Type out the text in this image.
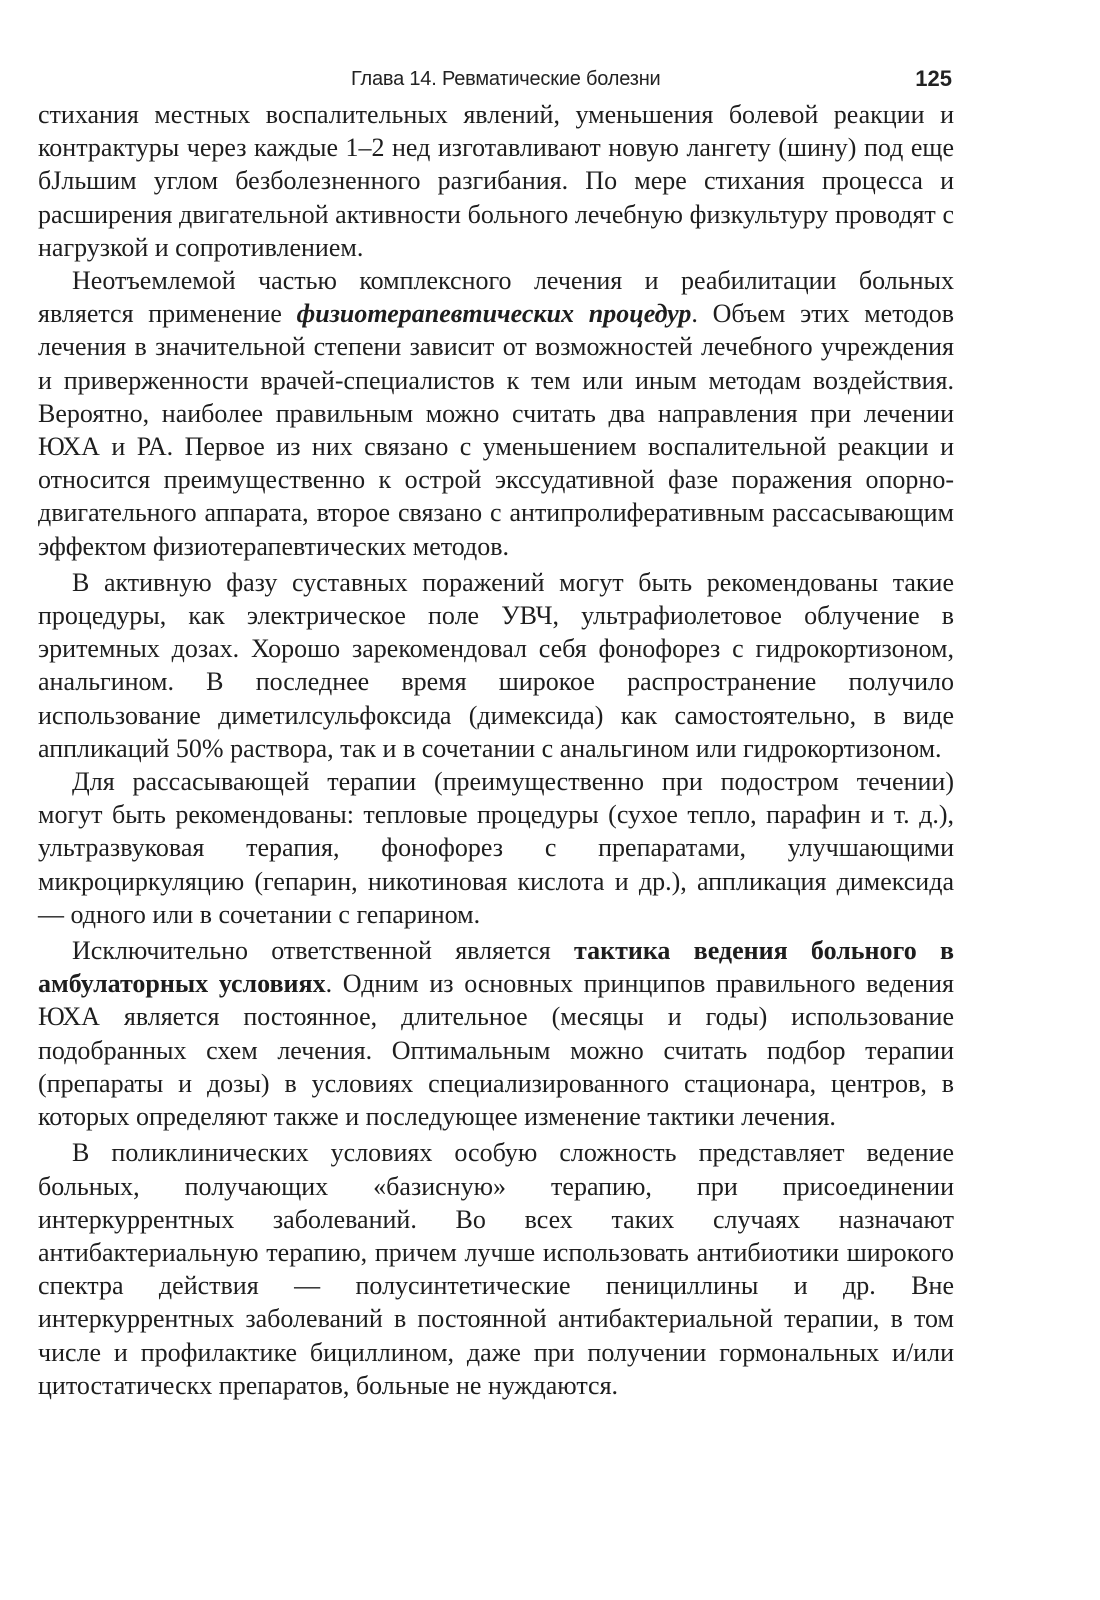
Глава 14. Ревматические болезни	125

стихания местных воспалительных явлений, уменьшения болевой реакции и контрактуры через каждые 1–2 нед изготавливают новую лангету (шину) под еще бJльшим углом безболезненного разгибания. По мере стихания процесса и расширения двигательной активности больного лечебную физкультуру проводят с нагрузкой и сопротивлением.

Неотъемлемой частью комплексного лечения и реабилитации больных является применение физиотерапевтических процедур. Объем этих методов лечения в значительной степени зависит от возможностей лечебного учреждения и приверженности врачей-специалистов к тем или иным методам воздействия. Вероятно, наиболее правильным можно считать два направления при лечении ЮХА и РА. Первое из них связано с уменьшением воспалительной реакции и относится преимущественно к острой экссудативной фазе поражения опорно-двигательного аппарата, второе связано с антипролиферативным рассасывающим эффектом физиотерапевтических методов.

В активную фазу суставных поражений могут быть рекомендованы такие процедуры, как электрическое поле УВЧ, ультрафиолетовое облучение в эритемных дозах. Хорошо зарекомендовал себя фонофорез с гидрокортизоном, анальгином. В последнее время широкое распространение получило использование диметилсульфоксида (димексида) как самостоятельно, в виде аппликаций 50% раствора, так и в сочетании с анальгином или гидрокортизоном.

Для рассасывающей терапии (преимущественно при подостром течении) могут быть рекомендованы: тепловые процедуры (сухое тепло, парафин и т. д.), ультразвуковая терапия, фонофорез с препаратами, улучшающими микроциркуляцию (гепарин, никотиновая кислота и др.), аппликация димексида — одного или в сочетании с гепарином.

Исключительно ответственной является тактика ведения больного в амбулаторных условиях. Одним из основных принципов правильного ведения ЮХА является постоянное, длительное (месяцы и годы) использование подобранных схем лечения. Оптимальным можно считать подбор терапии (препараты и дозы) в условиях специализированного стационара, центров, в которых определяют также и последующее изменение тактики лечения.

В поликлинических условиях особую сложность представляет ведение больных, получающих «базисную» терапию, при присоединении интеркуррентных заболеваний. Во всех таких случаях назначают антибактериальную терапию, причем лучше использовать антибиотики широкого спектра действия — полусинтетические пенициллины и др. Вне интеркуррентных заболеваний в постоянной антибактериальной терапии, в том числе и профилактике бициллином, даже при получении гормональных и/или цитостатическх препаратов, больные не нуждаются.
